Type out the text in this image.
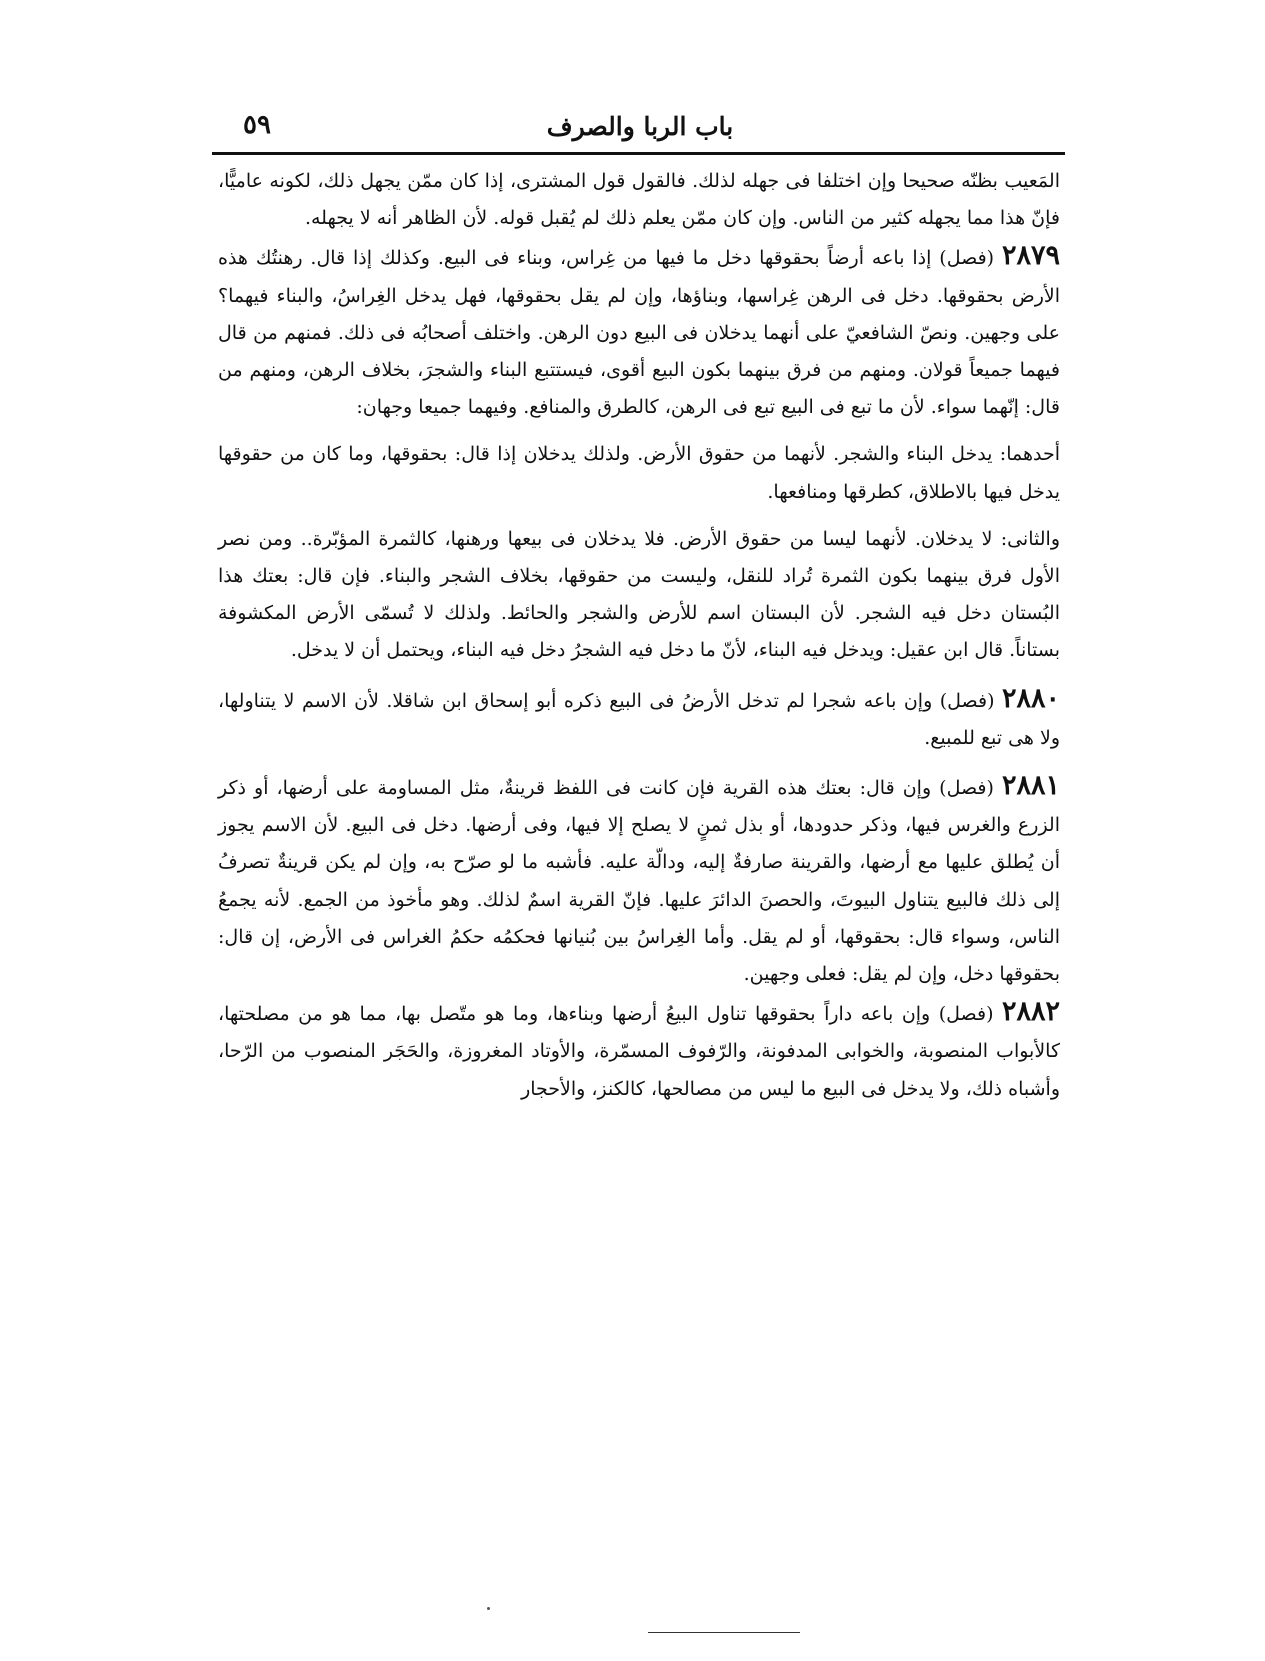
باب الربا والصرف
٥٩

المَعيب بظنّه صحيحا وإن اختلفا فى جهله لذلك. فالقول قول المشترى، إذا كان ممّن يجهل ذلك، لكونه عاميًّا، فإنّ هذا مما يجهله كثير من الناس. وإن كان ممّن يعلم ذلك لم يُقبل قوله. لأن الظاهر أنه لا يجهله.

٢٨٧٩ (فصل) إذا باعه أرضاً بحقوقها دخل ما فيها من غِراس، وبناء فى البيع. وكذلك إذا قال. رهنتُك هذه الأرض بحقوقها. دخل فى الرهن غِراسها، وبناؤها، وإن لم يقل بحقوقها، فهل يدخل الغِراسُ، والبناء فيهما؟ على وجهين. ونصّ الشافعيّ على أنهما يدخلان فى البيع دون الرهن. واختلف أصحابُه فى ذلك. فمنهم من قال فيهما جميعاً قولان. ومنهم من فرق بينهما بكون البيع أقوى، فيستتبع البناء والشجرَ، بخلاف الرهن، ومنهم من قال: إنّهما سواء. لأن ما تبع فى البيع تبع فى الرهن، كالطرق والمنافع. وفيهما جميعا وجهان:

أحدهما: يدخل البناء والشجر. لأنهما من حقوق الأرض. ولذلك يدخلان إذا قال: بحقوقها، وما كان من حقوقها يدخل فيها بالاطلاق، كطرقها ومنافعها.

والثانى: لا يدخلان. لأنهما ليسا من حقوق الأرض. فلا يدخلان فى بيعها ورهنها، كالثمرة المؤبّرة.. ومن نصر الأول فرق بينهما بكون الثمرة تُراد للنقل، وليست من حقوقها، بخلاف الشجر والبناء. فإن قال: بعتك هذا البُستان دخل فيه الشجر. لأن البستان اسم للأرض والشجر والحائط. ولذلك لا تُسمّى الأرض المكشوفة بستاناً. قال ابن عقيل: ويدخل فيه البناء، لأنّ ما دخل فيه الشجرُ دخل فيه البناء، ويحتمل أن لا يدخل.

٢٨٨٠ (فصل) وإن باعه شجرا لم تدخل الأرضُ فى البيع ذكره أبو إسحاق ابن شاقلا. لأن الاسم لا يتناولها، ولا هى تبع للمبيع.

٢٨٨١ (فصل) وإن قال: بعتك هذه القرية فإن كانت فى اللفظ قرينةٌ، مثل المساومة على أرضها، أو ذكر الزرع والغرس فيها، وذكر حدودها، أو بذل ثمنٍ لا يصلح إلا فيها، وفى أرضها. دخل فى البيع. لأن الاسم يجوز أن يُطلق عليها مع أرضها، والقرينة صارفةٌ إليه، ودالّة عليه. فأشبه ما لو صرّح به، وإن لم يكن قرينةٌ تصرفُ إلى ذلك فالبيع يتناول البيوتَ، والحصنَ الدائرَ عليها. فإنّ القرية اسمٌ لذلك. وهو مأخوذ من الجمع. لأنه يجمعُ الناس، وسواء قال: بحقوقها، أو لم يقل. وأما الغِراسُ بين بُنيانها فحكمُه حكمُ الغراس فى الأرض، إن قال: بحقوقها دخل، وإن لم يقل: فعلى وجهين.

٢٨٨٢ (فصل) وإن باعه داراً بحقوقها تناول البيعُ أرضها وبناءها، وما هو متّصل بها، مما هو من مصلحتها، كالأبواب المنصوبة، والخوابى المدفونة، والرّفوف المسمّرة، والأوتاد المغروزة، والحَجَر المنصوب من الرّحا، وأشباه ذلك، ولا يدخل فى البيع ما ليس من مصالحها، كالكنز، والأحجار
